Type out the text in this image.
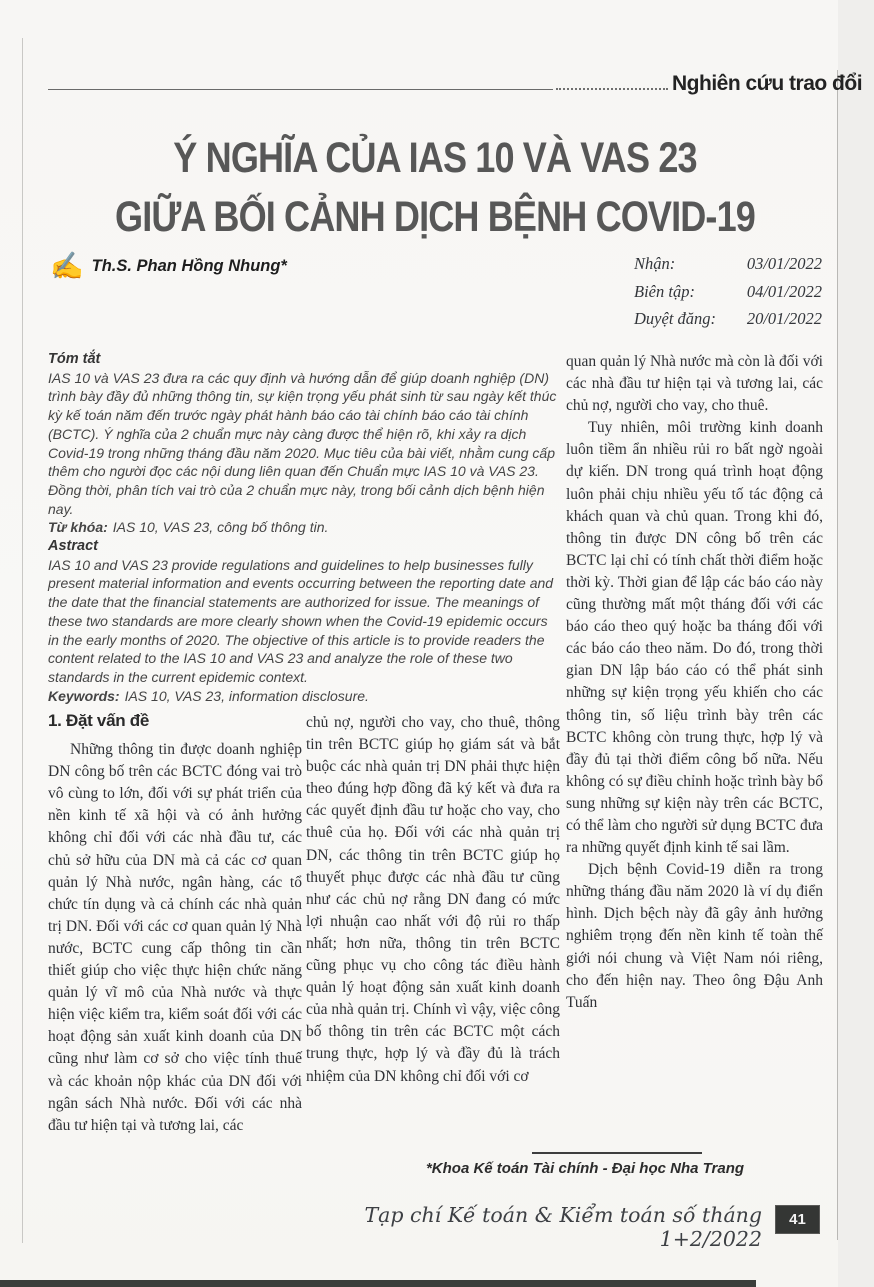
Nghiên cứu trao đổi
Ý NGHĨA CỦA IAS 10 VÀ VAS 23
GIỮA BỐI CẢNH DỊCH BỆNH COVID-19
✍ Th.S. Phan Hồng Nhung*	Nhận:	03/01/2022
Biên tập:	04/01/2022
Duyệt đăng: 20/01/2022
Tóm tắt

IAS 10 và VAS 23 đưa ra các quy định và hướng dẫn để giúp doanh nghiệp (DN) trình bày đầy đủ những thông tin, sự kiện trọng yếu phát sinh từ sau ngày kết thúc kỳ kế toán năm đến trước ngày phát hành báo cáo tài chính báo cáo tài chính (BCTC). Ý nghĩa của 2 chuẩn mực này càng được thể hiện rõ, khi xảy ra dịch Covid-19 trong những tháng đầu năm 2020. Mục tiêu của bài viết, nhằm cung cấp thêm cho người đọc các nội dung liên quan đến Chuẩn mực IAS 10 và VAS 23. Đồng thời, phân tích vai trò của 2 chuẩn mực này, trong bối cảnh dịch bệnh hiện nay.

Từ khóa: IAS 10, VAS 23, công bố thông tin.

Astract

IAS 10 and VAS 23 provide regulations and guidelines to help businesses fully present material information and events occurring between the reporting date and the date that the financial statements are authorized for issue. The meanings of these two standards are more clearly shown when the Covid-19 epidemic occurs in the early months of 2020. The objective of this article is to provide readers the content related to the IAS 10 and VAS 23 and analyze the role of these two standards in the current epidemic context.

Keywords: IAS 10, VAS 23, information disclosure.

1. Đặt vấn đề

Những thông tin được doanh nghiệp DN công bố trên các BCTC đóng vai trò vô cùng to lớn, đối với sự phát triển của nền kinh tế xã hội và có ảnh hưởng không chỉ đối với các nhà đầu tư, các chủ sở hữu của DN mà cả các cơ quan quản lý Nhà nước, ngân hàng, các tổ chức tín dụng và cả chính các nhà quản trị DN. Đối với các cơ quan quản lý Nhà nước, BCTC cung cấp thông tin cần thiết giúp cho việc thực hiện chức năng quản lý vĩ mô của Nhà nước và thực hiện việc kiểm tra, kiểm soát đối với các hoạt động sản xuất kinh doanh của DN cũng như làm cơ sở cho việc tính thuế và các khoản nộp khác của DN đối với ngân sách Nhà nước. Đối với các nhà đầu tư hiện tại và tương lai, các

chủ nợ, người cho vay, cho thuê, thông tin trên BCTC giúp họ giám sát và bắt buộc các nhà quản trị DN phải thực hiện theo đúng hợp đồng đã ký kết và đưa ra các quyết định đầu tư hoặc cho vay, cho thuê của họ. Đối với các nhà quản trị DN, các thông tin trên BCTC giúp họ thuyết phục được các nhà đầu tư cũng như các chủ nợ rằng DN đang có mức lợi nhuận cao nhất với độ rủi ro thấp nhất; hơn nữa, thông tin trên BCTC cũng phục vụ cho công tác điều hành quản lý hoạt động sản xuất kinh doanh của nhà quản trị. Chính vì vậy, việc công bố thông tin trên các BCTC một cách trung thực, hợp lý và đầy đủ là trách nhiệm của DN không chỉ đối với cơ

quan quản lý Nhà nước mà còn là đối với các nhà đầu tư hiện tại và tương lai, các chủ nợ, người cho vay, cho thuê.

Tuy nhiên, môi trường kinh doanh luôn tiềm ẩn nhiều rủi ro bất ngờ ngoài dự kiến. DN trong quá trình hoạt động luôn phải chịu nhiều yếu tố tác động cả khách quan và chủ quan. Trong khi đó, thông tin được DN công bố trên các BCTC lại chỉ có tính chất thời điểm hoặc thời kỳ. Thời gian để lập các báo cáo này cũng thường mất một tháng đối với các báo cáo theo quý hoặc ba tháng đối với các báo cáo theo năm. Do đó, trong thời gian DN lập báo cáo có thể phát sinh những sự kiện trọng yếu khiến cho các thông tin, số liệu trình bày trên các BCTC không còn trung thực, hợp lý và đầy đủ tại thời điểm công bố nữa. Nếu không có sự điều chỉnh hoặc trình bày bổ sung những sự kiện này trên các BCTC, có thể làm cho người sử dụng BCTC đưa ra những quyết định kinh tế sai lầm.

Dịch bệnh Covid-19 diễn ra trong những tháng đầu năm 2020 là ví dụ điển hình. Dịch bệch này đã gây ảnh hưởng nghiêm trọng đến nền kinh tế toàn thế giới nói chung và Việt Nam nói riêng, cho đến hiện nay. Theo ông Đậu Anh Tuấn

*Khoa Kế toán Tài chính - Đại học Nha Trang
Tạp chí Kế toán & Kiểm toán số tháng 1+2/2022
41
